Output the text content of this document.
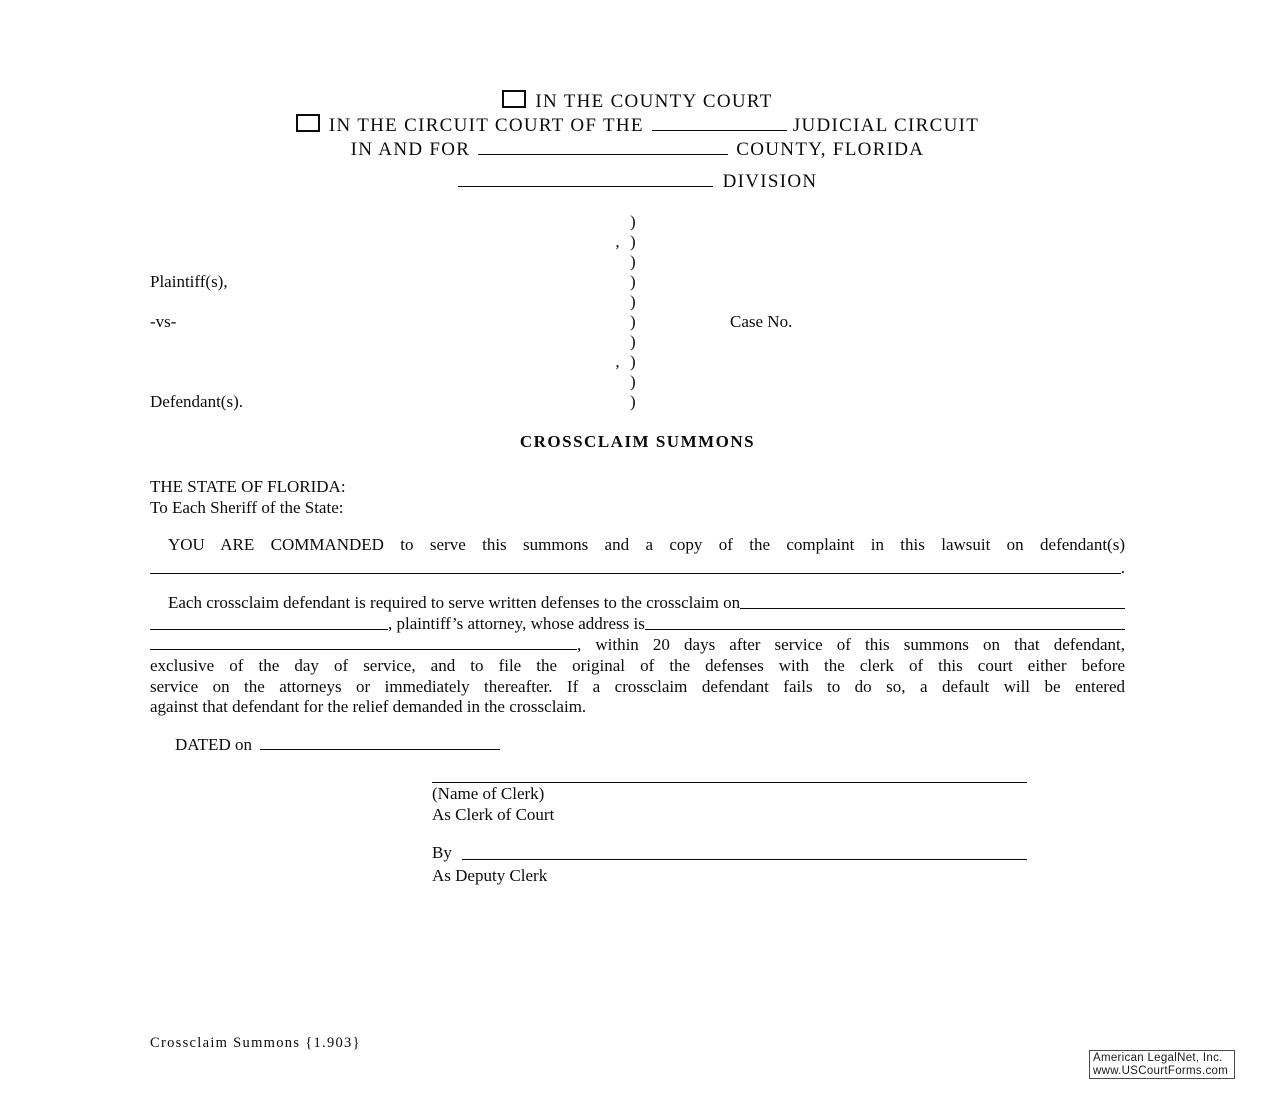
IN THE COUNTY COURT
IN THE CIRCUIT COURT OF THE	JUDICIAL CIRCUIT
IN AND FOR	COUNTY, FLORIDA
DIVISION
)
, )
)
Plaintiff(s),	)
)
-vs-	)	Case No.
)
, )
)
Defendant(s).	)
CROSSCLAIM SUMMONS
THE STATE OF FLORIDA:
To Each Sheriff of the State:
YOU ARE COMMANDED to serve this summons and a copy of the complaint in this lawsuit on defendant(s)
.
Each crossclaim defendant is required to serve written defenses to the crossclaim on
, plaintiff’s attorney, whose address is
, within 20 days after service of this summons on that defendant,
exclusive of the day of service, and to file the original of the defenses with the clerk of this court either before
service on the attorneys or immediately thereafter. If a crossclaim defendant fails to do so, a default will be entered
against that defendant for the relief demanded in the crossclaim.
DATED on
(Name of Clerk)
As Clerk of Court
By
As Deputy Clerk
Crossclaim Summons {1.903}
American LegalNet, Inc.
www.USCourtForms.com
